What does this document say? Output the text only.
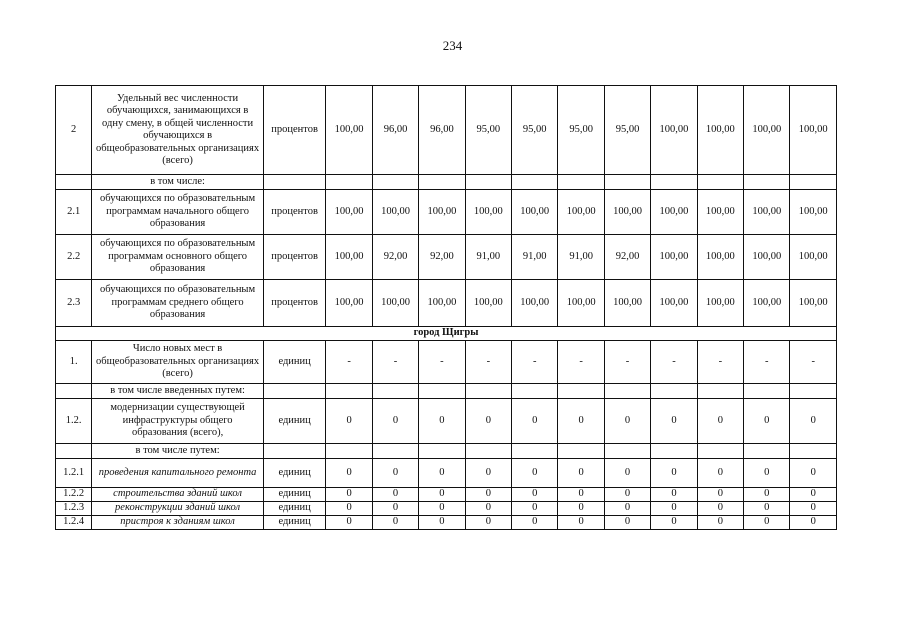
234
2	Удельный вес численности обучающихся, занимающихся в одну смену, в общей численности обучающихся в общеобразовательных организациях (всего)	процентов	100,00	96,00	96,00	95,00	95,00	95,00	95,00	100,00	100,00	100,00	100,00
	в том числе:												
2.1	обучающихся по образовательным программам начального общего образования	процентов	100,00	100,00	100,00	100,00	100,00	100,00	100,00	100,00	100,00	100,00	100,00
2.2	обучающихся по образовательным программам основного общего образования	процентов	100,00	92,00	92,00	91,00	91,00	91,00	92,00	100,00	100,00	100,00	100,00
2.3	обучающихся по образовательным программам среднего общего образования	процентов	100,00	100,00	100,00	100,00	100,00	100,00	100,00	100,00	100,00	100,00	100,00
город Щигры													
1.	Число новых мест в общеобразовательных организациях (всего)	единиц	-	-	-	-	-	-	-	-	-	-	-
	в том числе введенных путем:												
1.2.	модернизации существующей инфраструктуры общего образования (всего),	единиц	0	0	0	0	0	0	0	0	0	0	0
	в том числе путем:												
1.2.1	проведения капитального ремонта	единиц	0	0	0	0	0	0	0	0	0	0	0
1.2.2	строительства зданий школ	единиц	0	0	0	0	0	0	0	0	0	0	0
1.2.3	реконструкции зданий школ	единиц	0	0	0	0	0	0	0	0	0	0	0
1.2.4	пристроя к зданиям школ	единиц	0	0	0	0	0	0	0	0	0	0	0
